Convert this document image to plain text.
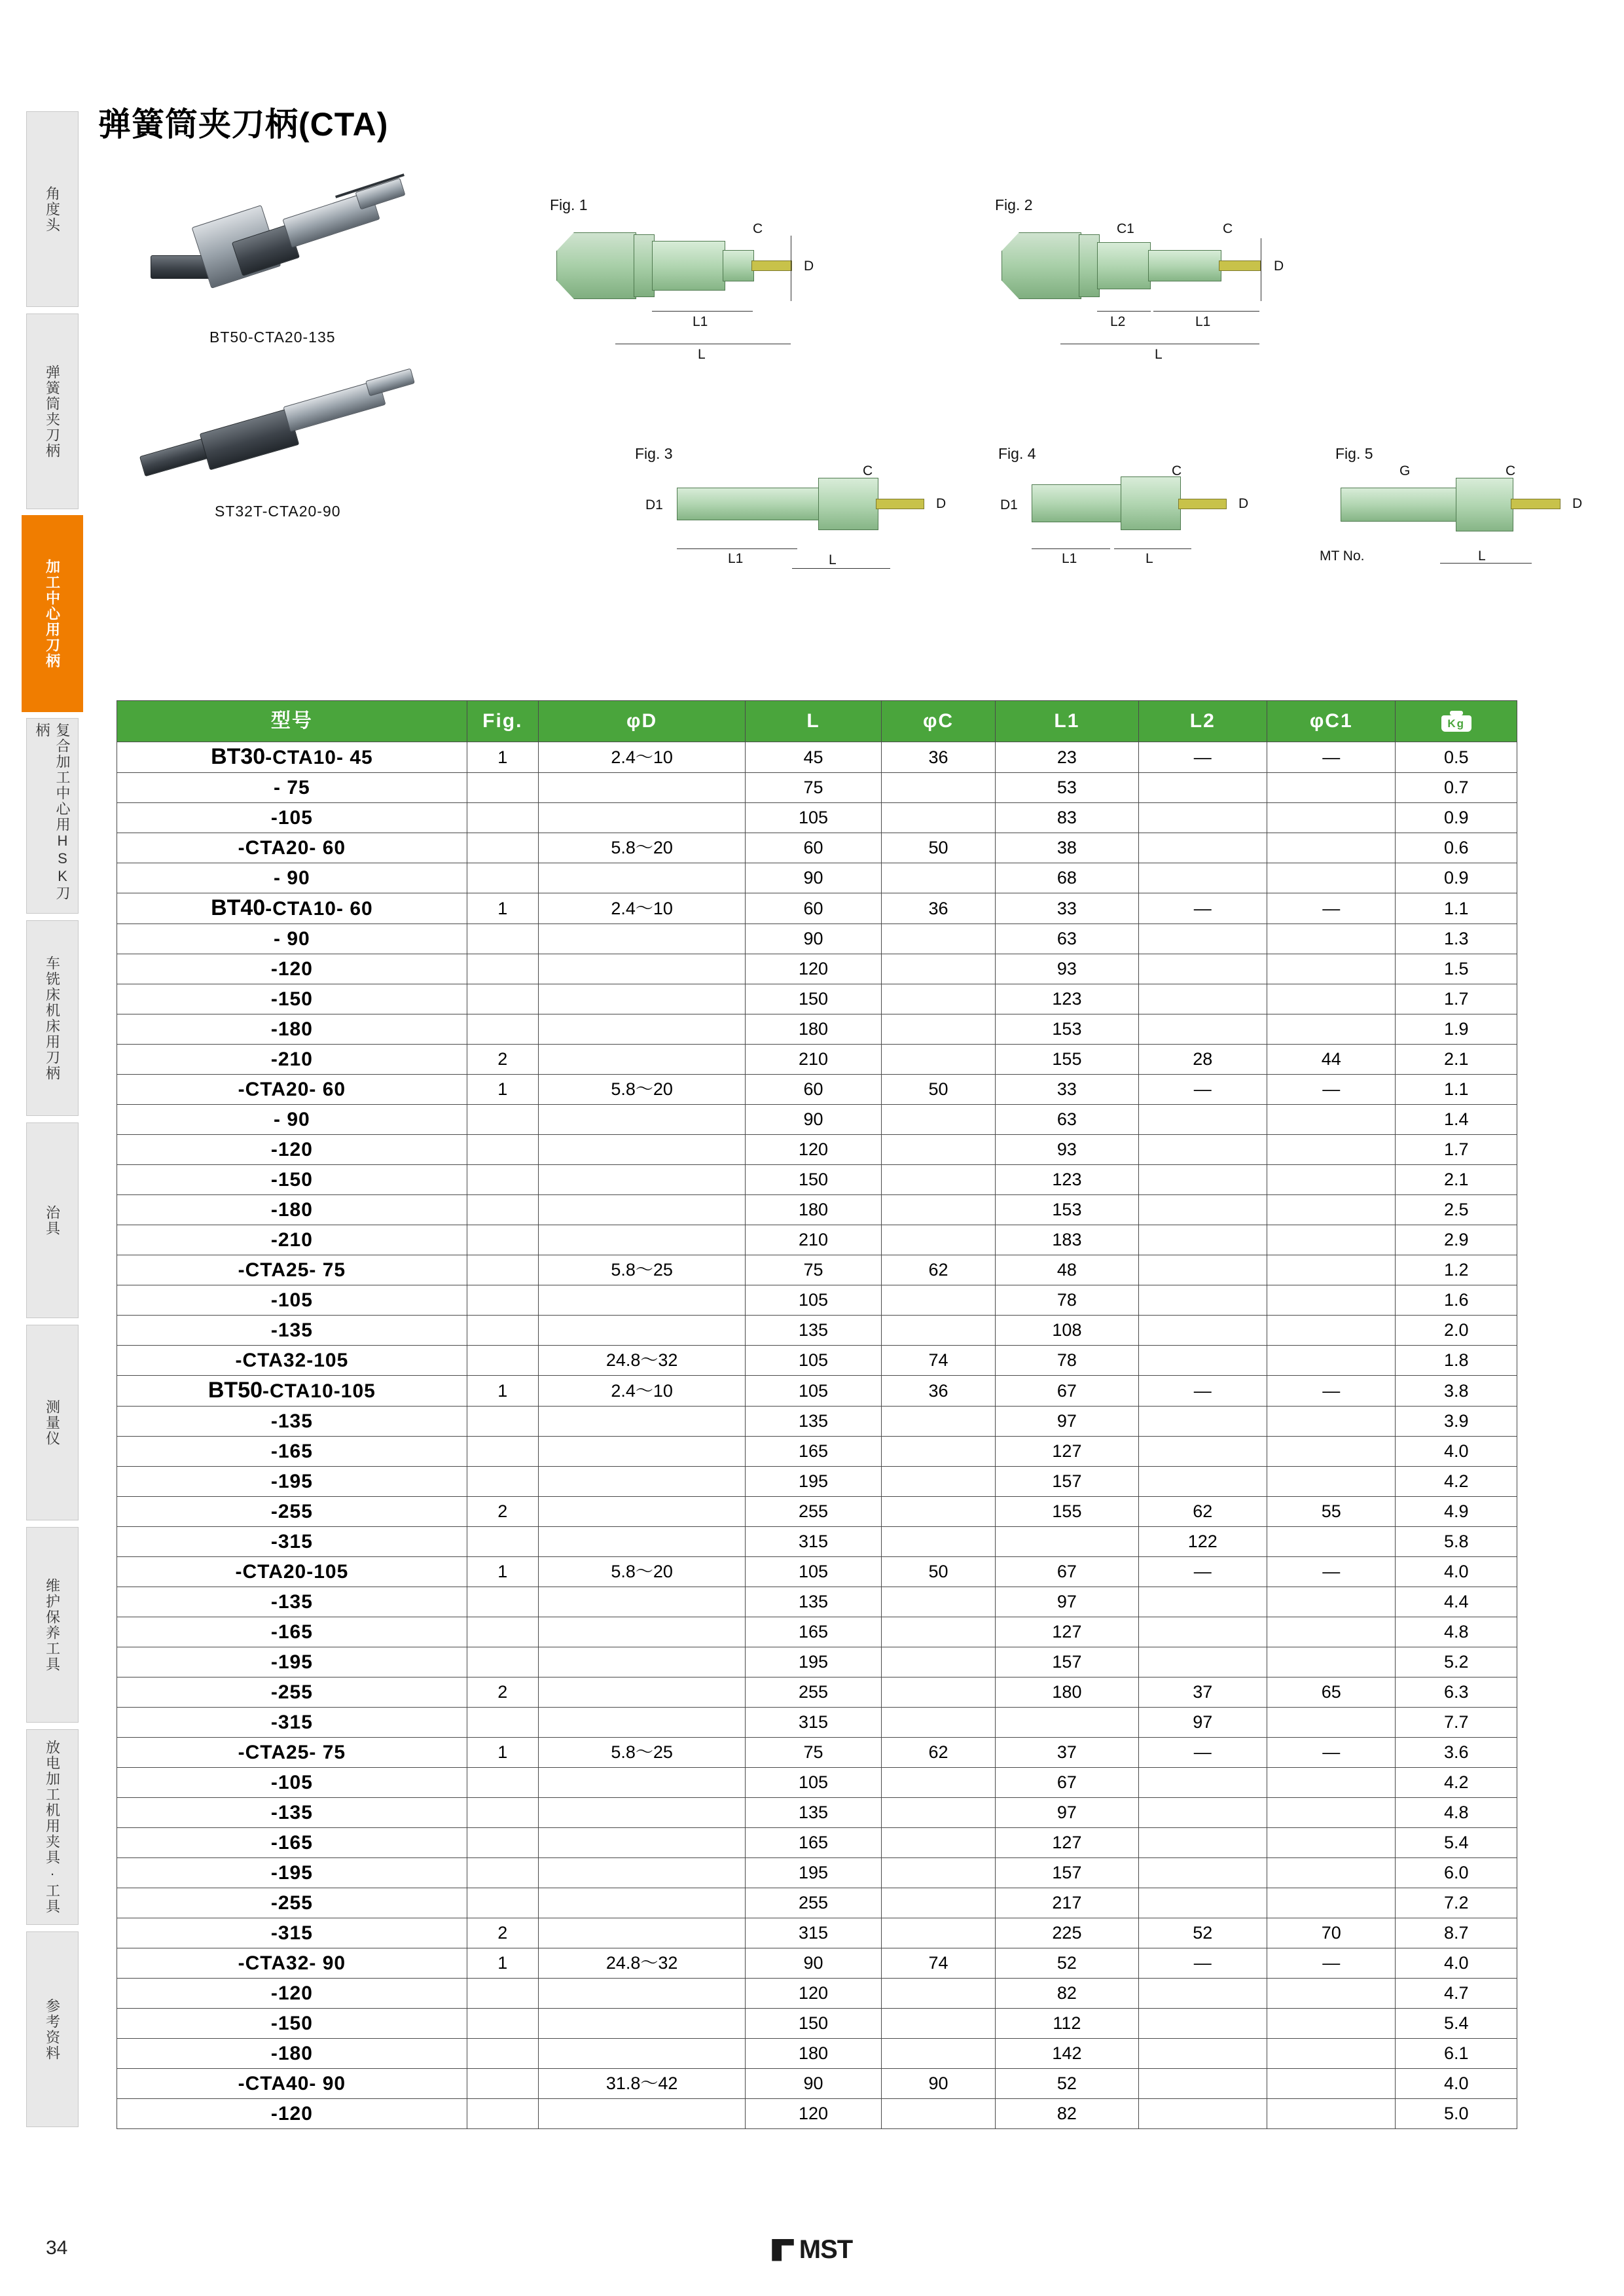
角度头
弹簧筒夹刀柄
加工中心用刀柄
复合加工中心用HSK刀柄
车铣床机床用刀柄
治具
测量仪
维护保养工具
放电加工机用夹具·工具
参考资料
弹簧筒夹刀柄(CTA)
BT50-CTA20-135
ST32T-CTA20-90
Fig. 1
C
D
L1
L
Fig. 2
C1	C
D
L2	L1
L
Fig. 3
D1
C
D
L1	L
Fig. 4
D1
C
D
L1	L
Fig. 5
G	C
D
MT No.	L
型号	Fig.	φD	L	φC	L1	L2	φC1	Kg

BT30-CTA10- 45	1	2.4〜10	45	36	23	—	—	0.5
- 75			75		53			0.7
-105			105		83			0.9
-CTA20- 60		5.8〜20	60	50	38			0.6
- 90			90		68			0.9
BT40-CTA10- 60	1	2.4〜10	60	36	33	—	—	1.1
- 90			90		63			1.3
-120			120		93			1.5
-150			150		123			1.7
-180			180		153			1.9
-210	2		210		155	28	44	2.1
-CTA20- 60	1	5.8〜20	60	50	33	—	—	1.1
- 90			90		63			1.4
-120			120		93			1.7
-150			150		123			2.1
-180			180		153			2.5
-210			210		183			2.9
-CTA25- 75		5.8〜25	75	62	48			1.2
-105			105		78			1.6
-135			135		108			2.0
-CTA32-105		24.8〜32	105	74	78			1.8
BT50-CTA10-105	1	2.4〜10	105	36	67	—	—	3.8
-135			135		97			3.9
-165			165		127			4.0
-195			195		157			4.2
-255	2		255		155	62	55	4.9
-315			315			122		5.8
-CTA20-105	1	5.8〜20	105	50	67	—	—	4.0
-135			135		97			4.4
-165			165		127			4.8
-195			195		157			5.2
-255	2		255		180	37	65	6.3
-315			315			97		7.7
-CTA25- 75	1	5.8〜25	75	62	37	—	—	3.6
-105			105		67			4.2
-135			135		97			4.8
-165			165		127			5.4
-195			195		157			6.0
-255			255		217			7.2
-315	2		315		225	52	70	8.7
-CTA32- 90	1	24.8〜32	90	74	52	—	—	4.0
-120			120		82			4.7
-150			150		112			5.4
-180			180		142			6.1
-CTA40- 90		31.8〜42	90	90	52			4.0
-120			120		82			5.0
34	MST
